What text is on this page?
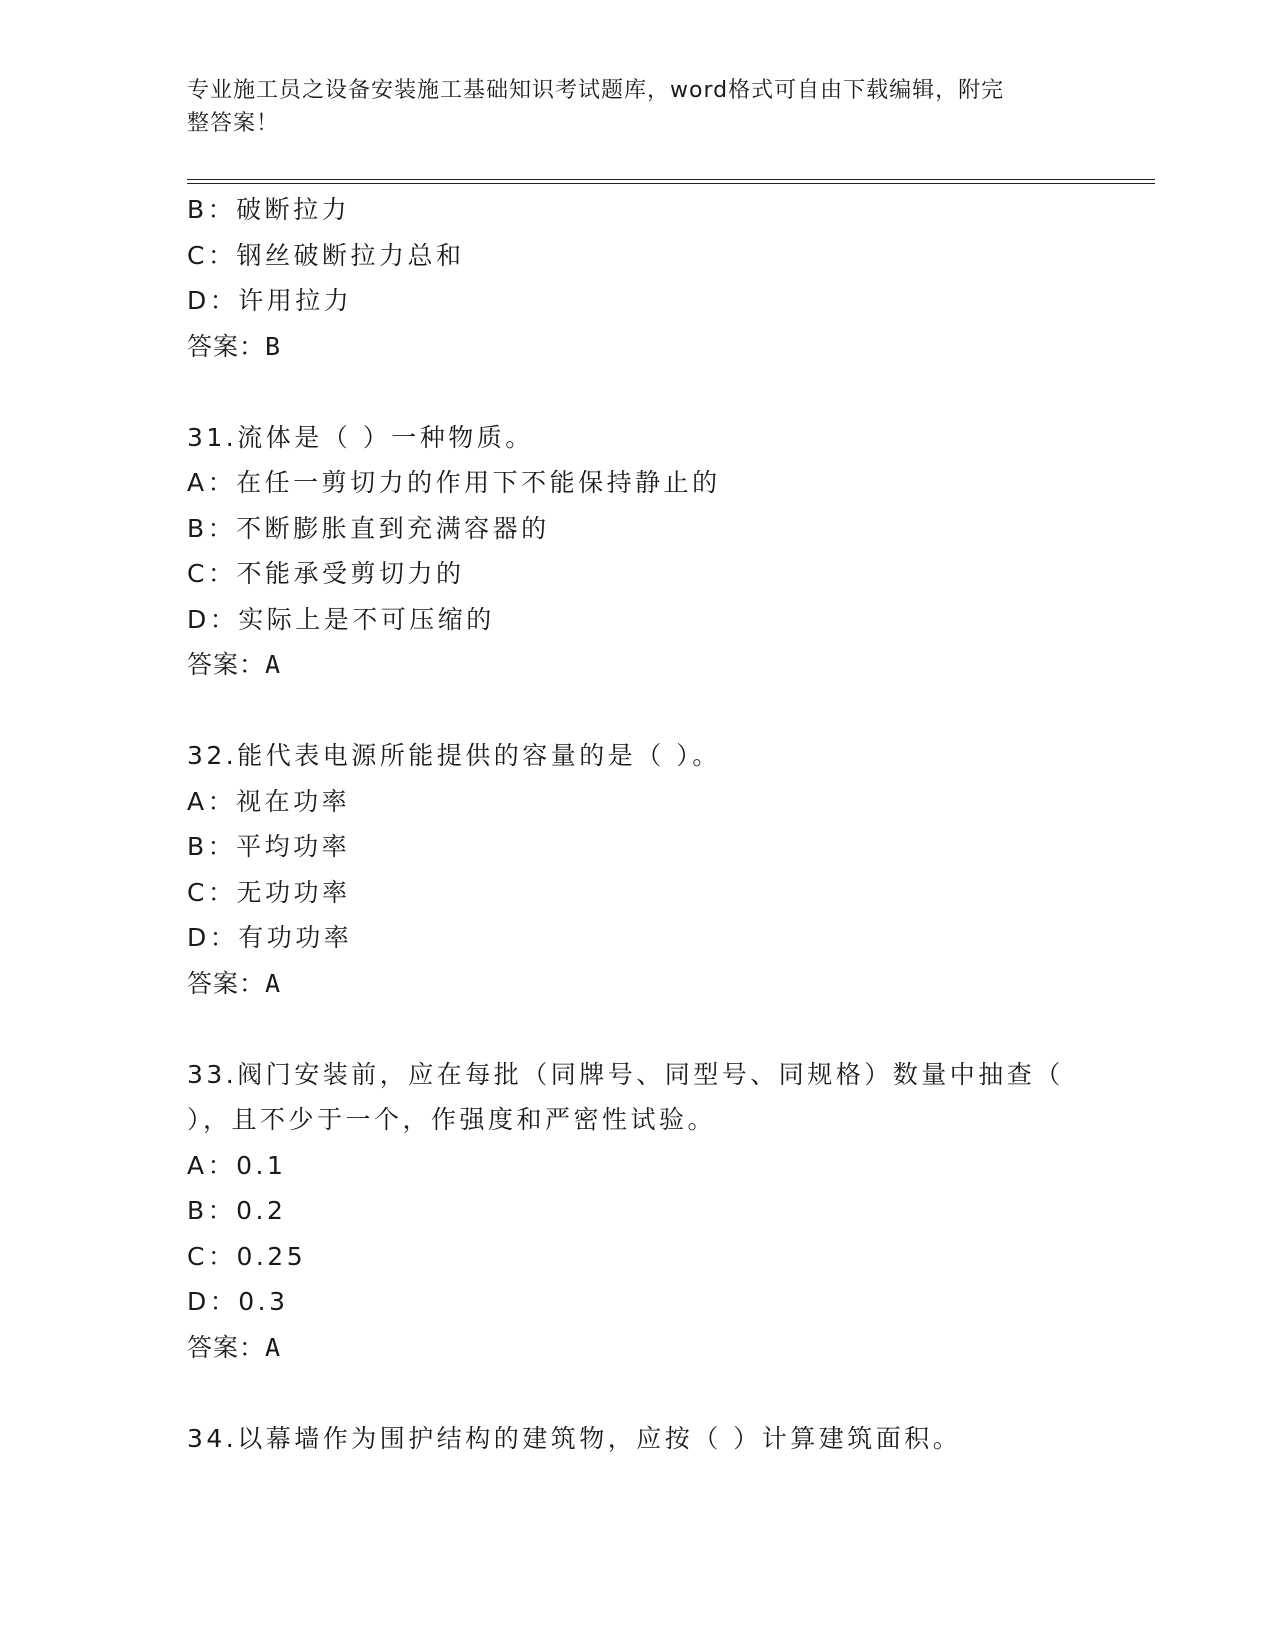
专业施工员之设备安装施工基础知识考试题库，word格式可自由下载编辑，附完
整答案！
B：破断拉力
C：钢丝破断拉力总和
D：许用拉力
答案：B
31.流体是（ ）一种物质。
A：在任一剪切力的作用下不能保持静止的
B：不断膨胀直到充满容器的
C：不能承受剪切力的
D：实际上是不可压缩的
答案：A
32.能代表电源所能提供的容量的是（ ）。
A：视在功率
B：平均功率
C：无功功率
D：有功功率
答案：A
33.阀门安装前，应在每批（同牌号、同型号、同规格）数量中抽查（
），且不少于一个，作强度和严密性试验。
A：0.1
B：0.2
C：0.25
D：0.3
答案：A
34.以幕墙作为围护结构的建筑物，应按（ ）计算建筑面积。
